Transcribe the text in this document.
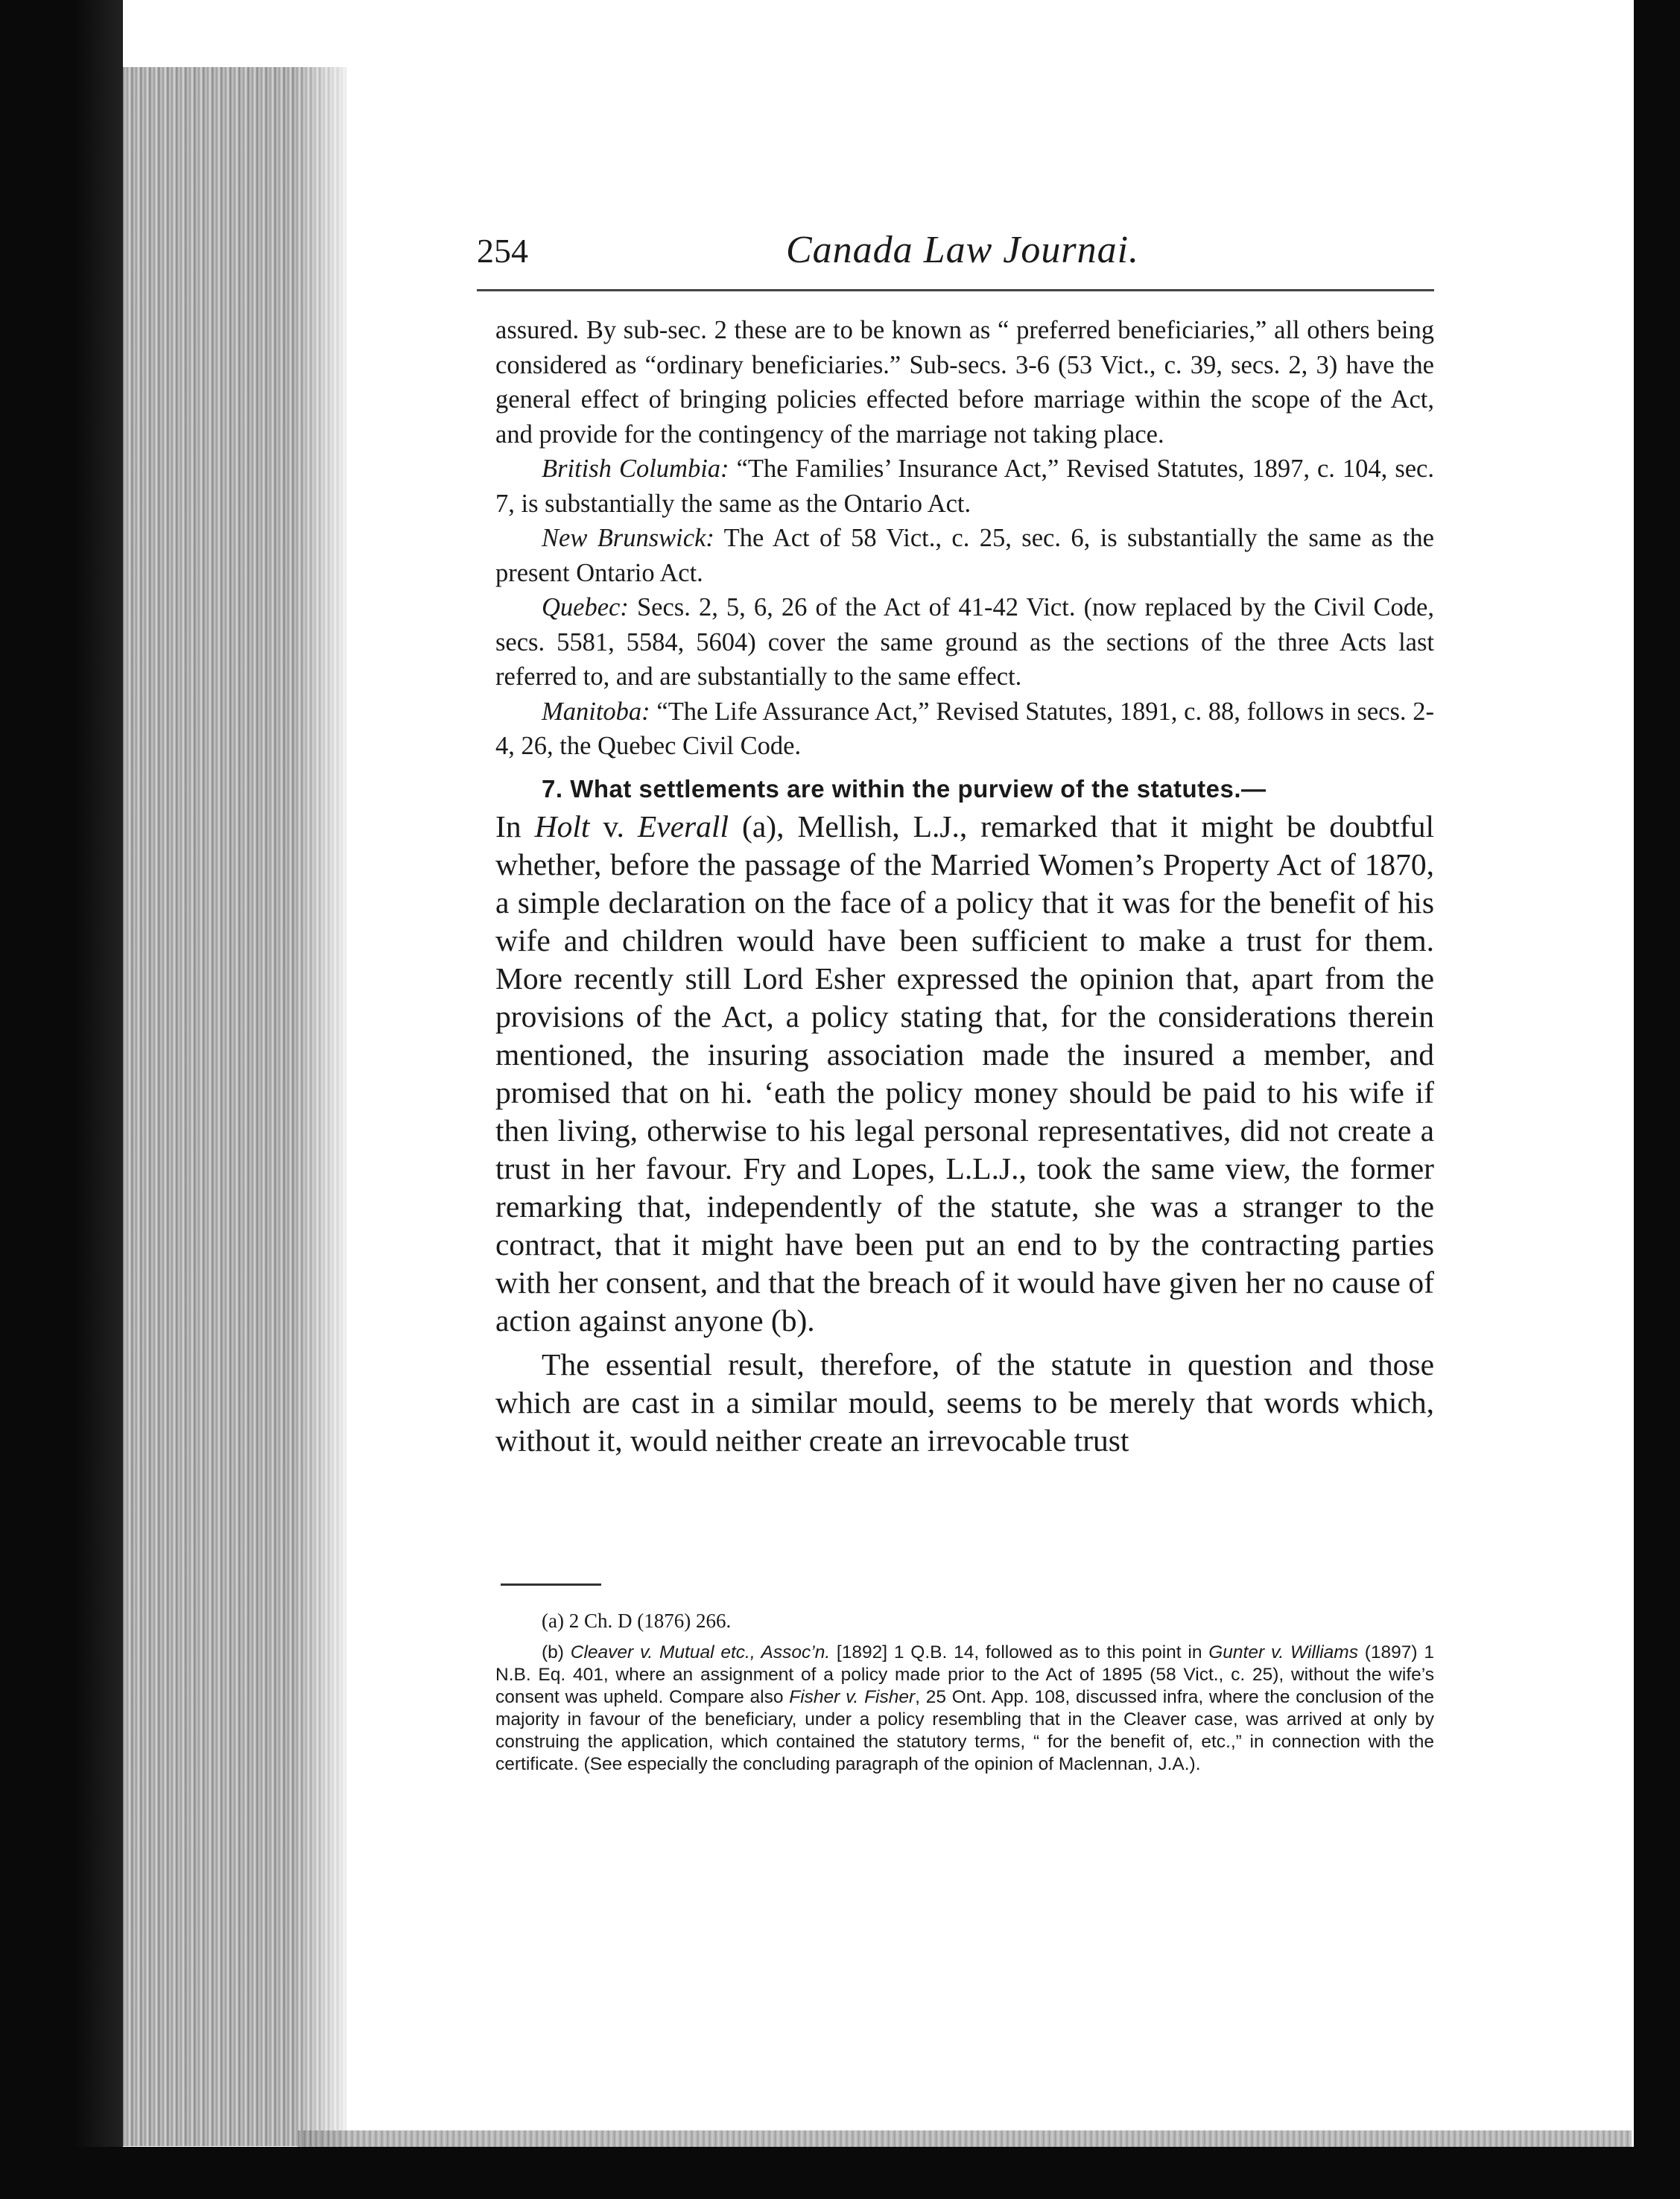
254	Canada Law Journai.

assured. By sub-sec. 2 these are to be known as “ preferred beneficiaries,” all others being considered as “ordinary beneficiaries.” Sub-secs. 3-6 (53 Vict., c. 39, secs. 2, 3) have the general effect of bringing policies effected before marriage within the scope of the Act, and provide for the contingency of the marriage not taking place.

British Columbia: “The Families’ Insurance Act,” Revised Statutes, 1897, c. 104, sec. 7, is substantially the same as the Ontario Act.

New Brunswick: The Act of 58 Vict., c. 25, sec. 6, is substantially the same as the present Ontario Act.

Quebec: Secs. 2, 5, 6, 26 of the Act of 41-42 Vict. (now replaced by the Civil Code, secs. 5581, 5584, 5604) cover the same ground as the sections of the three Acts last referred to, and are substantially to the same effect.

Manitoba: “The Life Assurance Act,” Revised Statutes, 1891, c. 88, follows in secs. 2-4, 26, the Quebec Civil Code.

7. What settlements are within the purview of the statutes.—
In Holt v. Everall (a), Mellish, L.J., remarked that it might be doubtful whether, before the passage of the Married Women’s Property Act of 1870, a simple declaration on the face of a policy that it was for the benefit of his wife and children would have been sufficient to make a trust for them. More recently still Lord Esher expressed the opinion that, apart from the provisions of the Act, a policy stating that, for the considerations therein mentioned, the insuring association made the insured a member, and promised that on hi. ʻeath the policy money should be paid to his wife if then living, otherwise to his legal personal representatives, did not create a trust in her favour. Fry and Lopes, L.L.J., took the same view, the former remarking that, independently of the statute, she was a stranger to the contract, that it might have been put an end to by the contracting parties with her consent, and that the breach of it would have given her no cause of action against anyone (b).

The essential result, therefore, of the statute in question and those which are cast in a similar mould, seems to be merely that words which, without it, would neither create an irrevocable trust

(a) 2 Ch. D (1876) 266.

(b) Cleaver v. Mutual etc., Assoc’n. [1892] 1 Q.B. 14, followed as to this point in Gunter v. Williams (1897) 1 N.B. Eq. 401, where an assignment of a policy made prior to the Act of 1895 (58 Vict., c. 25), without the wife’s consent was upheld. Compare also Fisher v. Fisher, 25 Ont. App. 108, discussed infra, where the conclusion of the majority in favour of the beneficiary, under a policy resembling that in the Cleaver case, was arrived at only by construing the application, which contained the statutory terms, “ for the benefit of, etc.,” in connection with the certificate. (See especially the concluding paragraph of the opinion of Maclennan, J.A.).
